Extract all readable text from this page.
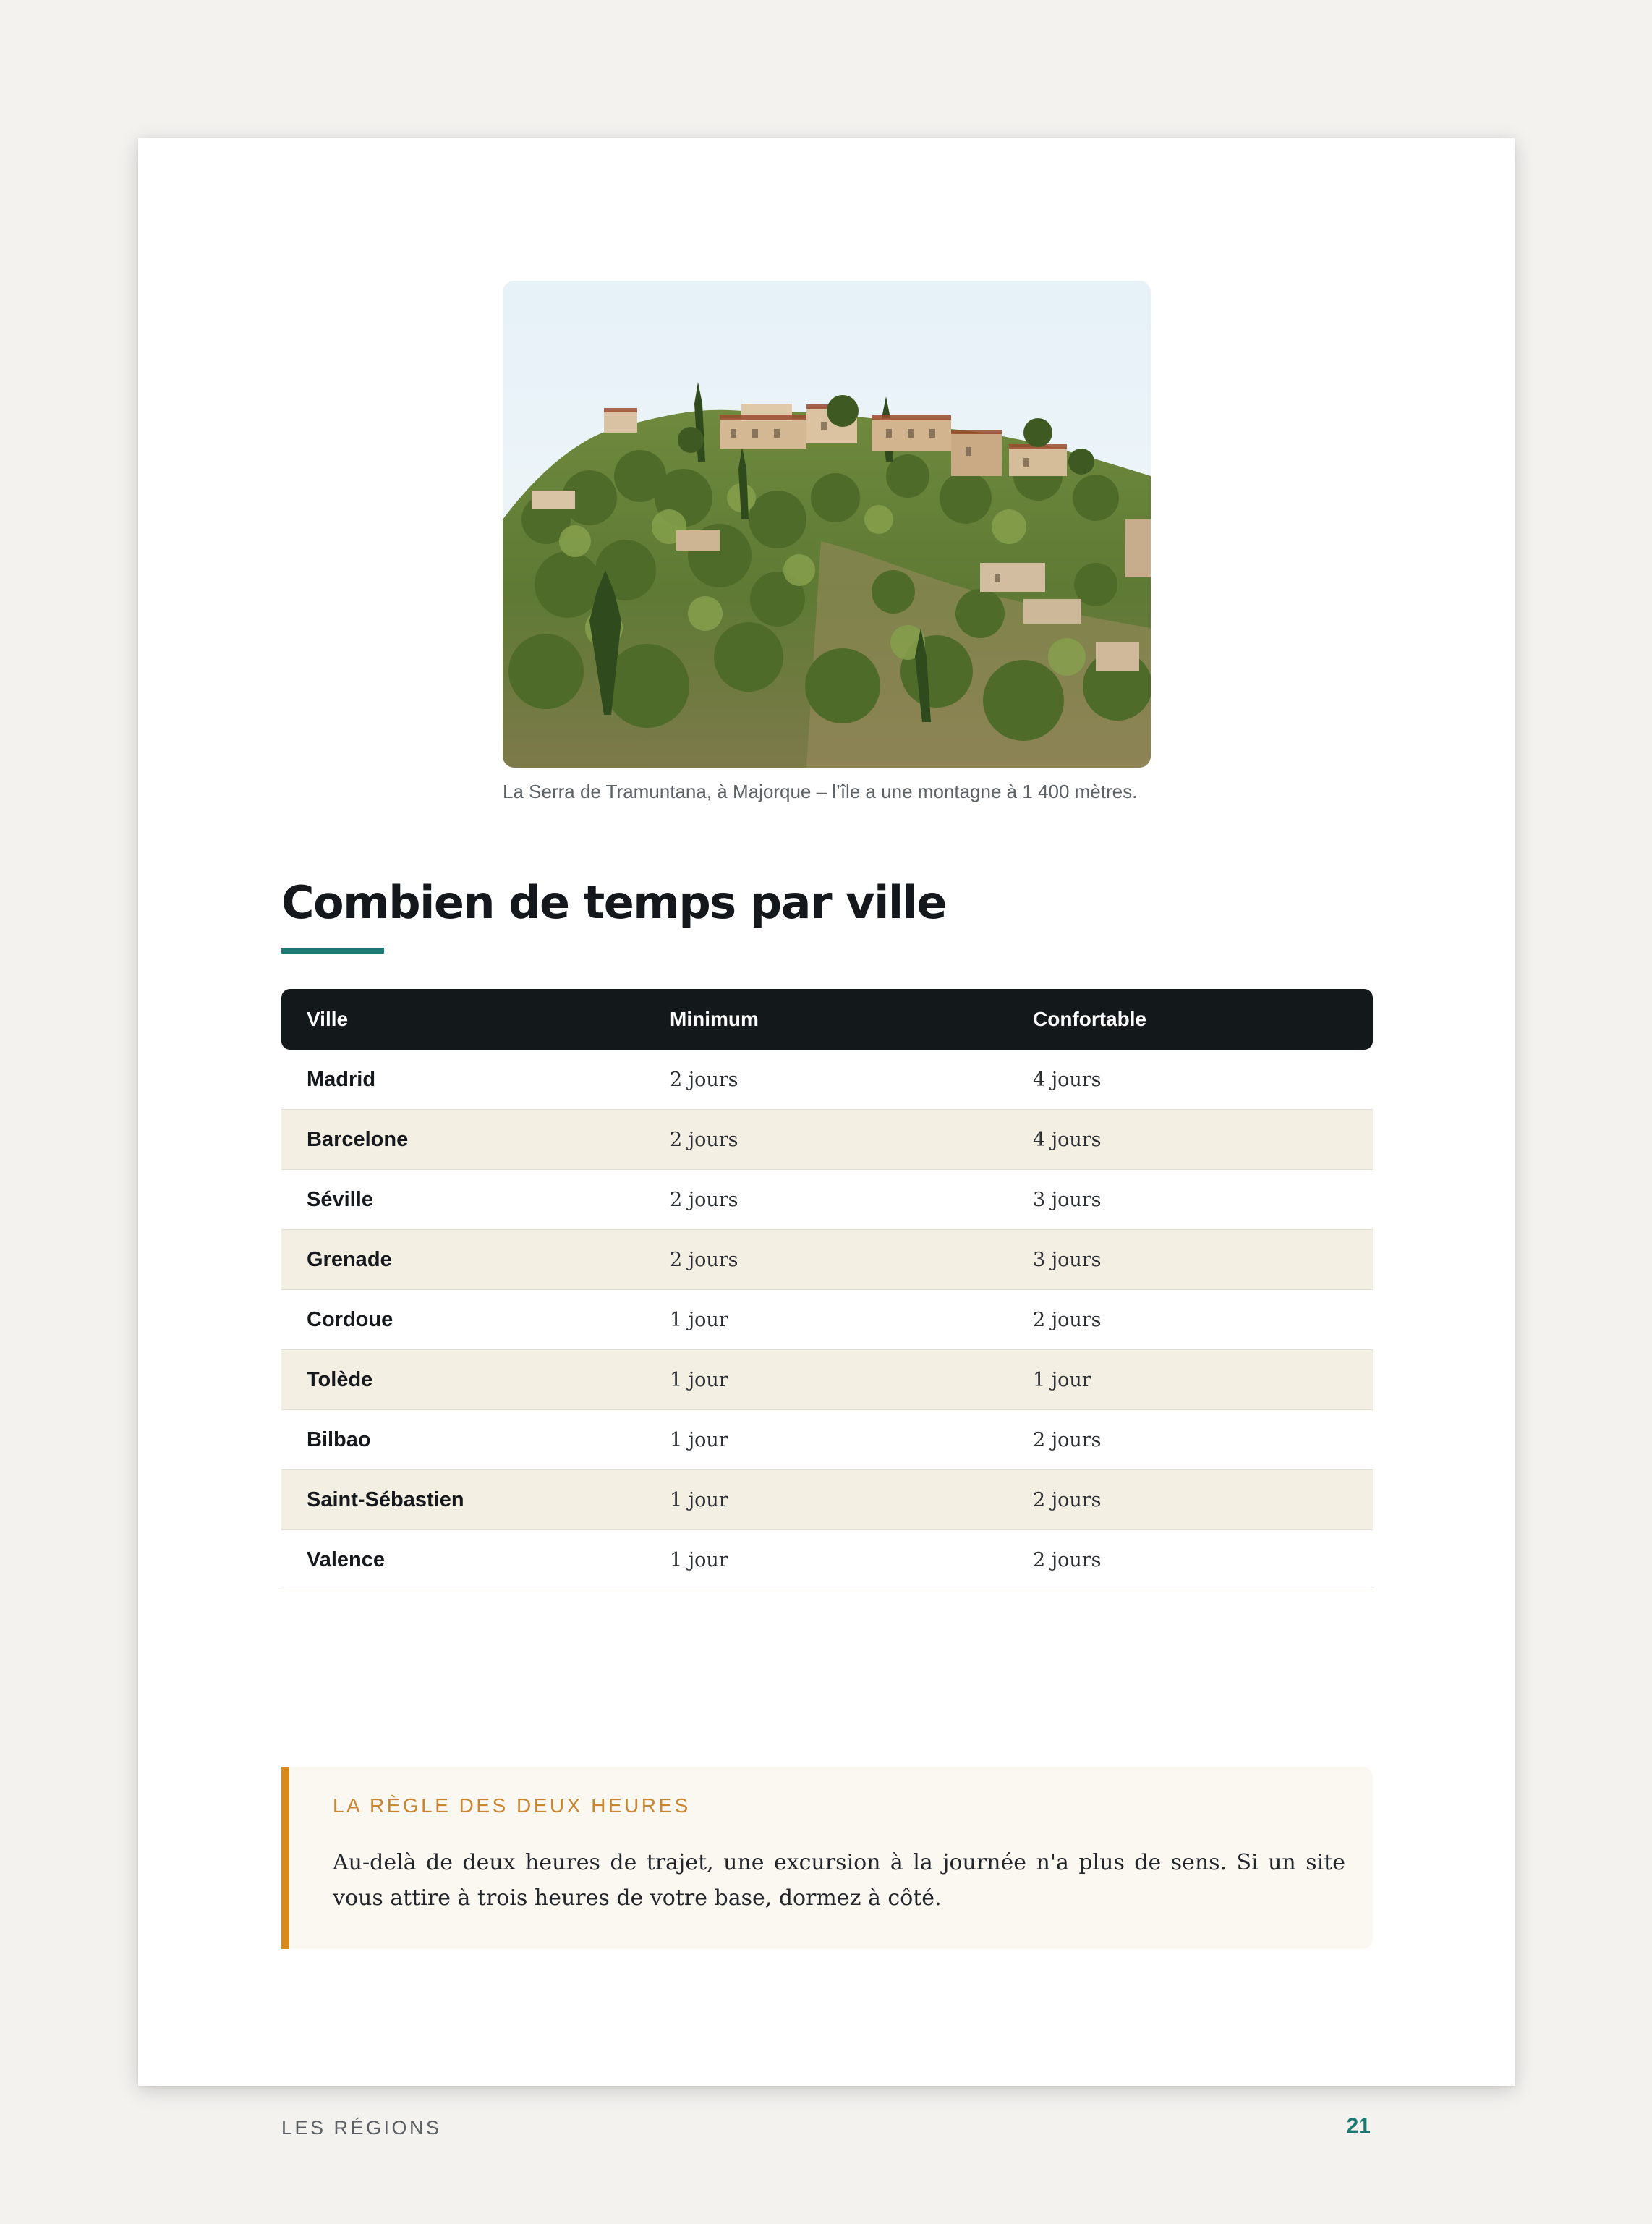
La Serra de Tramuntana, à Majorque – l’île a une montagne à 1 400 mètres.
Combien de temps par ville
Ville	Minimum	Confortable
Madrid	2 jours	4 jours
Barcelone	2 jours	4 jours
Séville	2 jours	3 jours
Grenade	2 jours	3 jours
Cordoue	1 jour	2 jours
Tolède	1 jour	1 jour
Bilbao	1 jour	2 jours
Saint-Sébastien	1 jour	2 jours
Valence	1 jour	2 jours
LA RÈGLE DES DEUX HEURES

Au-delà de deux heures de trajet, une excursion à la journée n'a plus de sens. Si un site vous attire à trois heures de votre base, dormez à côté.

LES RÉGIONS	21
